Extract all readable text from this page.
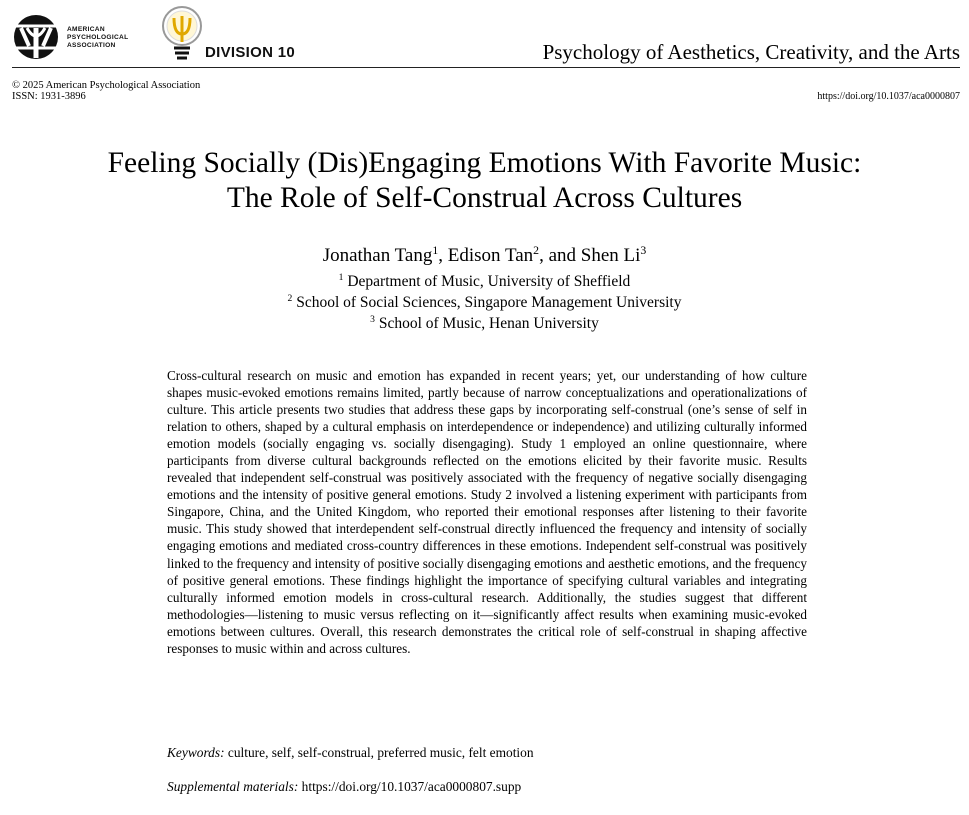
AMERICAN
PSYCHOLOGICAL
ASSOCIATION	DIVISION 10	Psychology of Aesthetics, Creativity, and the Arts
© 2025 American Psychological Association
ISSN: 1931-3896	https://doi.org/10.1037/aca0000807
Feeling Socially (Dis)Engaging Emotions With Favorite Music:
The Role of Self-Construal Across Cultures
Jonathan Tang$^1$, Edison Tan$^2$, and Shen Li$^3$
$^1$ Department of Music, University of Sheffield
$^2$ School of Social Sciences, Singapore Management University
$^3$ School of Music, Henan University
Cross-cultural research on music and emotion has expanded in recent years; yet, our understanding of how culture shapes music-evoked emotions remains limited, partly because of narrow conceptualizations and operationalizations of culture. This article presents two studies that address these gaps by incorporating self-construal (one’s sense of self in relation to others, shaped by a cultural emphasis on interdependence or independence) and utilizing culturally informed emotion models (socially engaging vs. socially disengaging). Study 1 employed an online questionnaire, where participants from diverse cultural backgrounds reflected on the emotions elicited by their favorite music. Results revealed that independent self-construal was positively associated with the frequency of negative socially disengaging emotions and the intensity of positive general emotions. Study 2 involved a listening experiment with participants from Singapore, China, and the United Kingdom, who reported their emotional responses after listening to their favorite music. This study showed that interdependent self-construal directly influenced the frequency and intensity of socially engaging emotions and mediated cross-country differences in these emotions. Independent self-construal was positively linked to the frequency and intensity of positive socially disengaging emotions and aesthetic emotions, and the frequency of positive general emotions. These findings highlight the importance of specifying cultural variables and integrating culturally informed emotion models in cross-cultural research. Additionally, the studies suggest that different methodologies—listening to music versus reflecting on it—significantly affect results when examining music-evoked emotions between cultures. Overall, this research demonstrates the critical role of self-construal in shaping affective responses to music within and across cultures.
Keywords: culture, self, self-construal, preferred music, felt emotion
Supplemental materials: https://doi.org/10.1037/aca0000807.supp
